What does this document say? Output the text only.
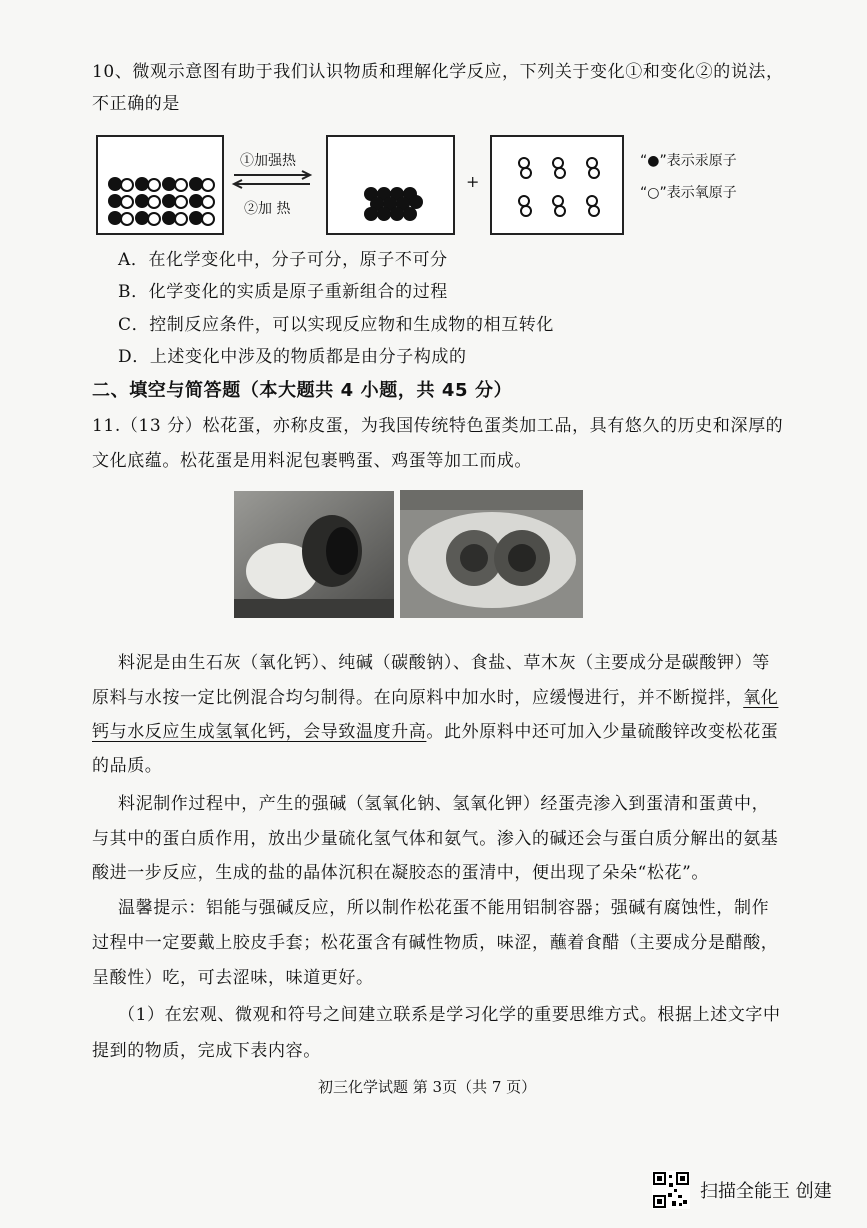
10、微观示意图有助于我们认识物质和理解化学反应，下列关于变化①和变化②的说法，
不正确的是
①加强热
②加 热
+
“●”表示汞原子
“○”表示氧原子
A．在化学变化中，分子可分，原子不可分
B．化学变化的实质是原子重新组合的过程
C．控制反应条件，可以实现反应物和生成物的相互转化
D．上述变化中涉及的物质都是由分子构成的
二、填空与简答题（本大题共 4 小题，共 45 分）
11.（13 分）松花蛋，亦称皮蛋，为我国传统特色蛋类加工品，具有悠久的历史和深厚的
文化底蕴。松花蛋是用料泥包裹鸭蛋、鸡蛋等加工而成。
料泥是由生石灰（氧化钙）、纯碱（碳酸钠）、食盐、草木灰（主要成分是碳酸钾）等
原料与水按一定比例混合均匀制得。在向原料中加水时，应缓慢进行，并不断搅拌，氧化
钙与水反应生成氢氧化钙，会导致温度升高。此外原料中还可加入少量硫酸锌改变松花蛋
的品质。
料泥制作过程中，产生的强碱（氢氧化钠、氢氧化钾）经蛋壳渗入到蛋清和蛋黄中，
与其中的蛋白质作用，放出少量硫化氢气体和氨气。渗入的碱还会与蛋白质分解出的氨基
酸进一步反应，生成的盐的晶体沉积在凝胶态的蛋清中，便出现了朵朵“松花”。
温馨提示：铝能与强碱反应，所以制作松花蛋不能用铝制容器；强碱有腐蚀性，制作
过程中一定要戴上胶皮手套；松花蛋含有碱性物质，味涩，蘸着食醋（主要成分是醋酸，
呈酸性）吃，可去涩味，味道更好。
（1）在宏观、微观和符号之间建立联系是学习化学的重要思维方式。根据上述文字中
提到的物质，完成下表内容。
初三化学试题 第 3页（共 7 页）
扫描全能王 创建
